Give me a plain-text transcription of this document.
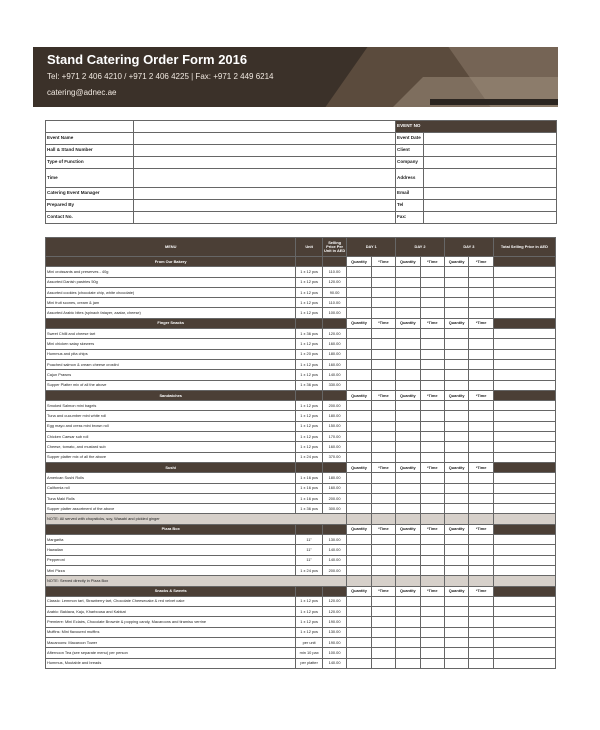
Stand Catering Order Form 2016
Tel: +971 2 406 4210 / +971 2 406 4225 | Fax: +971 2 449 6214
catering@adnec.ae
		EVENT NO	
Event Name		Event Date	
Hall & Stand Number		Client	
Type of Function		Company	
Time		Address	
Catering Event Manager		Email	
Prepared By		Tel	
Contact No.		Fax:	
MENU	Unit	Selling Price Per Unit in AED	DAY 1		DAY 2		DAY 3		Total Selling Price in AED
From Our Bakery			Quantity	*Time	Quantity	*Time	Quantity	*Time	
Mini croissants and preserves - 40g	1 x 12 pcs	110.00							
Assorted Danish pastries 50g	1 x 12 pcs	120.00							
Assorted cookies (chocolate chip, white chocolate)	1 x 12 pcs	90.00							
Mini fruit scones, cream & jam	1 x 12 pcs	110.00							
Assorted Arabic bites (spinach fatayer, zaatar, cheese)	1 x 12 pcs	100.00							
Finger Snacks			Quantity	*Time	Quantity	*Time	Quantity	*Time	
Sweet Chilli and cheese tart	1 x 36 pcs	120.00							
Mini chicken satay skewers	1 x 12 pcs	160.00							
Hummus and pita chips	1 x 20 pcs	180.00							
Poached salmon & cream cheese crostini	1 x 12 pcs	160.00							
Cajun Prawns	1 x 12 pcs	140.00							
Supper Platter mix of all the above	1 x 36 pcs	330.00							
Sandwiches			Quantity	*Time	Quantity	*Time	Quantity	*Time	
Smoked Salmon mini bagels	1 x 12 pcs	200.00							
Tuna and cucumber mini white roll	1 x 12 pcs	180.00							
Egg mayo and cress mini brown roll	1 x 12 pcs	150.00							
Chicken Caesar sub roll	1 x 12 pcs	170.00							
Cheese, tomato, and mustard sub	1 x 12 pcs	160.00							
Supper platter mix of all the above	1 x 24 pcs	370.00							
Sushi			Quantity	*Time	Quantity	*Time	Quantity	*Time	
American Sushi Rolls	1 x 16 pcs	180.00							
California roll	1 x 16 pcs	160.00							
Tuna Maki Rolls	1 x 16 pcs	200.00							
Supper platter assortment of the above	1 x 36 pcs	300.00							
NOTE: All served with chopsticks, soy, Wasabi and pickled ginger									
Pizza Box			Quantity	*Time	Quantity	*Time	Quantity	*Time	
Margarita	11"	130.00							
Hawaiian	11"	140.00							
Pepperoni	11"	140.00							
Mini Pizza	1 x 24 pcs	200.00							
NOTE: Served directly in Pizza Box									
Snacks & Sweets			Quantity	*Time	Quantity	*Time	Quantity	*Time	
Classic: Lemmon tart, Strawberry tart, Chocolate Cheesecake & red velvet cake	1 x 12 pcs	120.00							
Arabic: Baklava, Kaju, Kharbousa and Kabkat	1 x 12 pcs	120.00							
Premiere: Mini Eclairs, Chocolate Brownie & popping candy, Macaroons and tiramisu verrine	1 x 12 pcs	190.00							
Muffins: Mini flavoured muffins	1 x 12 pcs	130.00							
Macaroons: Macaroon Tower	per unit	190.00							
Afternoon Tea (see separate menu) per person	min 10 pax	100.00							
Hummus, Moutable and breads	per platter	140.00							
